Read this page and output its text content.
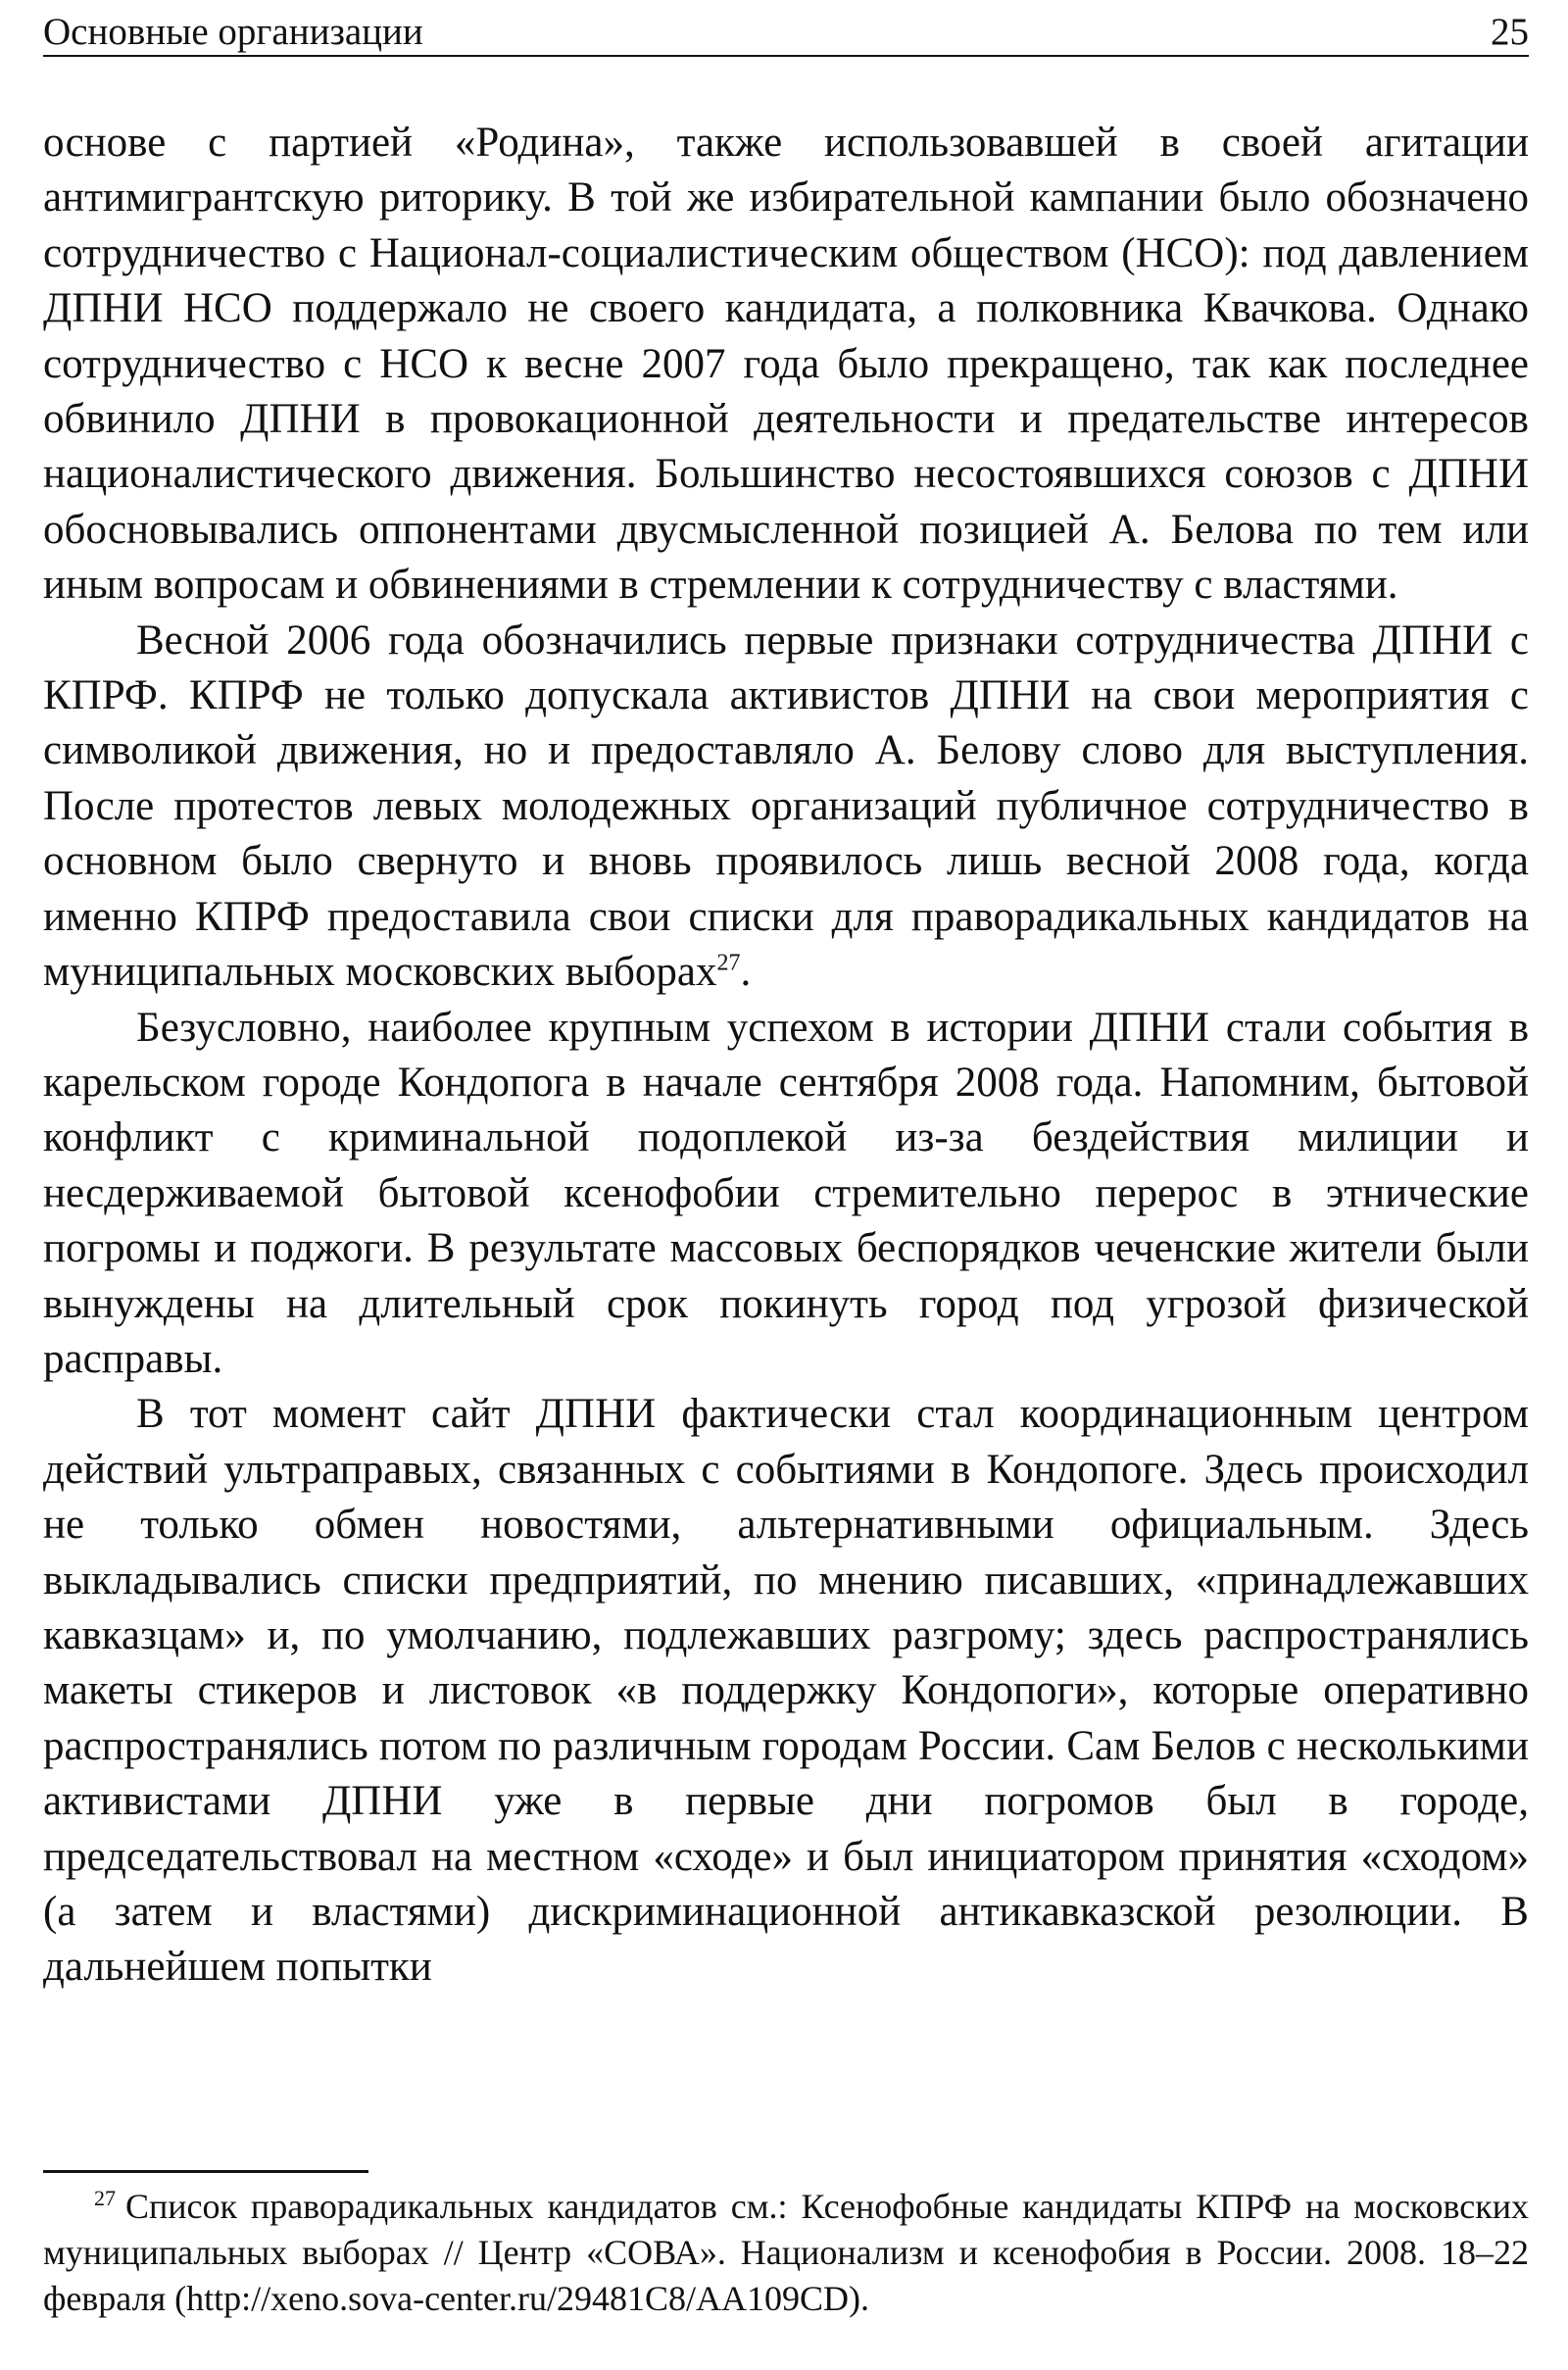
Основные организации	25

основе с партией «Родина», также использовавшей в своей агитации антимигрантскую риторику. В той же избирательной кампании было обозначено сотрудничество с Национал-социалистическим обществом (НСО): под давлением ДПНИ НСО поддержало не своего кандидата, а полковника Квачкова. Однако сотрудничество с НСО к весне 2007 года было прекращено, так как последнее обвинило ДПНИ в провокационной деятельности и предательстве интересов националистического движения. Большинство несостоявшихся союзов с ДПНИ обосновывались оппонентами двусмысленной позицией А. Белова по тем или иным вопросам и обвинениями в стремлении к сотрудничеству с властями.

Весной 2006 года обозначились первые признаки сотрудничества ДПНИ с КПРФ. КПРФ не только допускала активистов ДПНИ на свои мероприятия с символикой движения, но и предоставляло А. Белову слово для выступления. После протестов левых молодежных организаций публичное сотрудничество в основном было свернуто и вновь проявилось лишь весной 2008 года, когда именно КПРФ предоставила свои списки для праворадикальных кандидатов на муниципальных московских выборах$^{27}$.

Безусловно, наиболее крупным успехом в истории ДПНИ стали события в карельском городе Кондопога в начале сентября 2008 года. Напомним, бытовой конфликт с криминальной подоплекой из-за бездействия милиции и несдерживаемой бытовой ксенофобии стремительно перерос в этнические погромы и поджоги. В результате массовых беспорядков чеченские жители были вынуждены на длительный срок покинуть город под угрозой физической расправы.

В тот момент сайт ДПНИ фактически стал координационным центром действий ультраправых, связанных с событиями в Кондопоге. Здесь происходил не только обмен новостями, альтернативными официальным. Здесь выкладывались списки предприятий, по мнению писавших, «принадлежавших кавказцам» и, по умолчанию, подлежавших разгрому; здесь распространялись макеты стикеров и листовок «в поддержку Кондопоги», которые оперативно распространялись потом по различным городам России. Сам Белов с несколькими активистами ДПНИ уже в первые дни погромов был в городе, председательствовал на местном «сходе» и был инициатором принятия «сходом» (а затем и властями) дискриминационной антикавказской резолюции. В дальнейшем попытки

$^{27}$ Список праворадикальных кандидатов см.: Ксенофобные кандидаты КПРФ на московских муниципальных выборах // Центр «СОВА». Национализм и ксенофобия в России. 2008. 18–22 февраля (http://xeno.sova-center.ru/29481C8/AA109CD).
